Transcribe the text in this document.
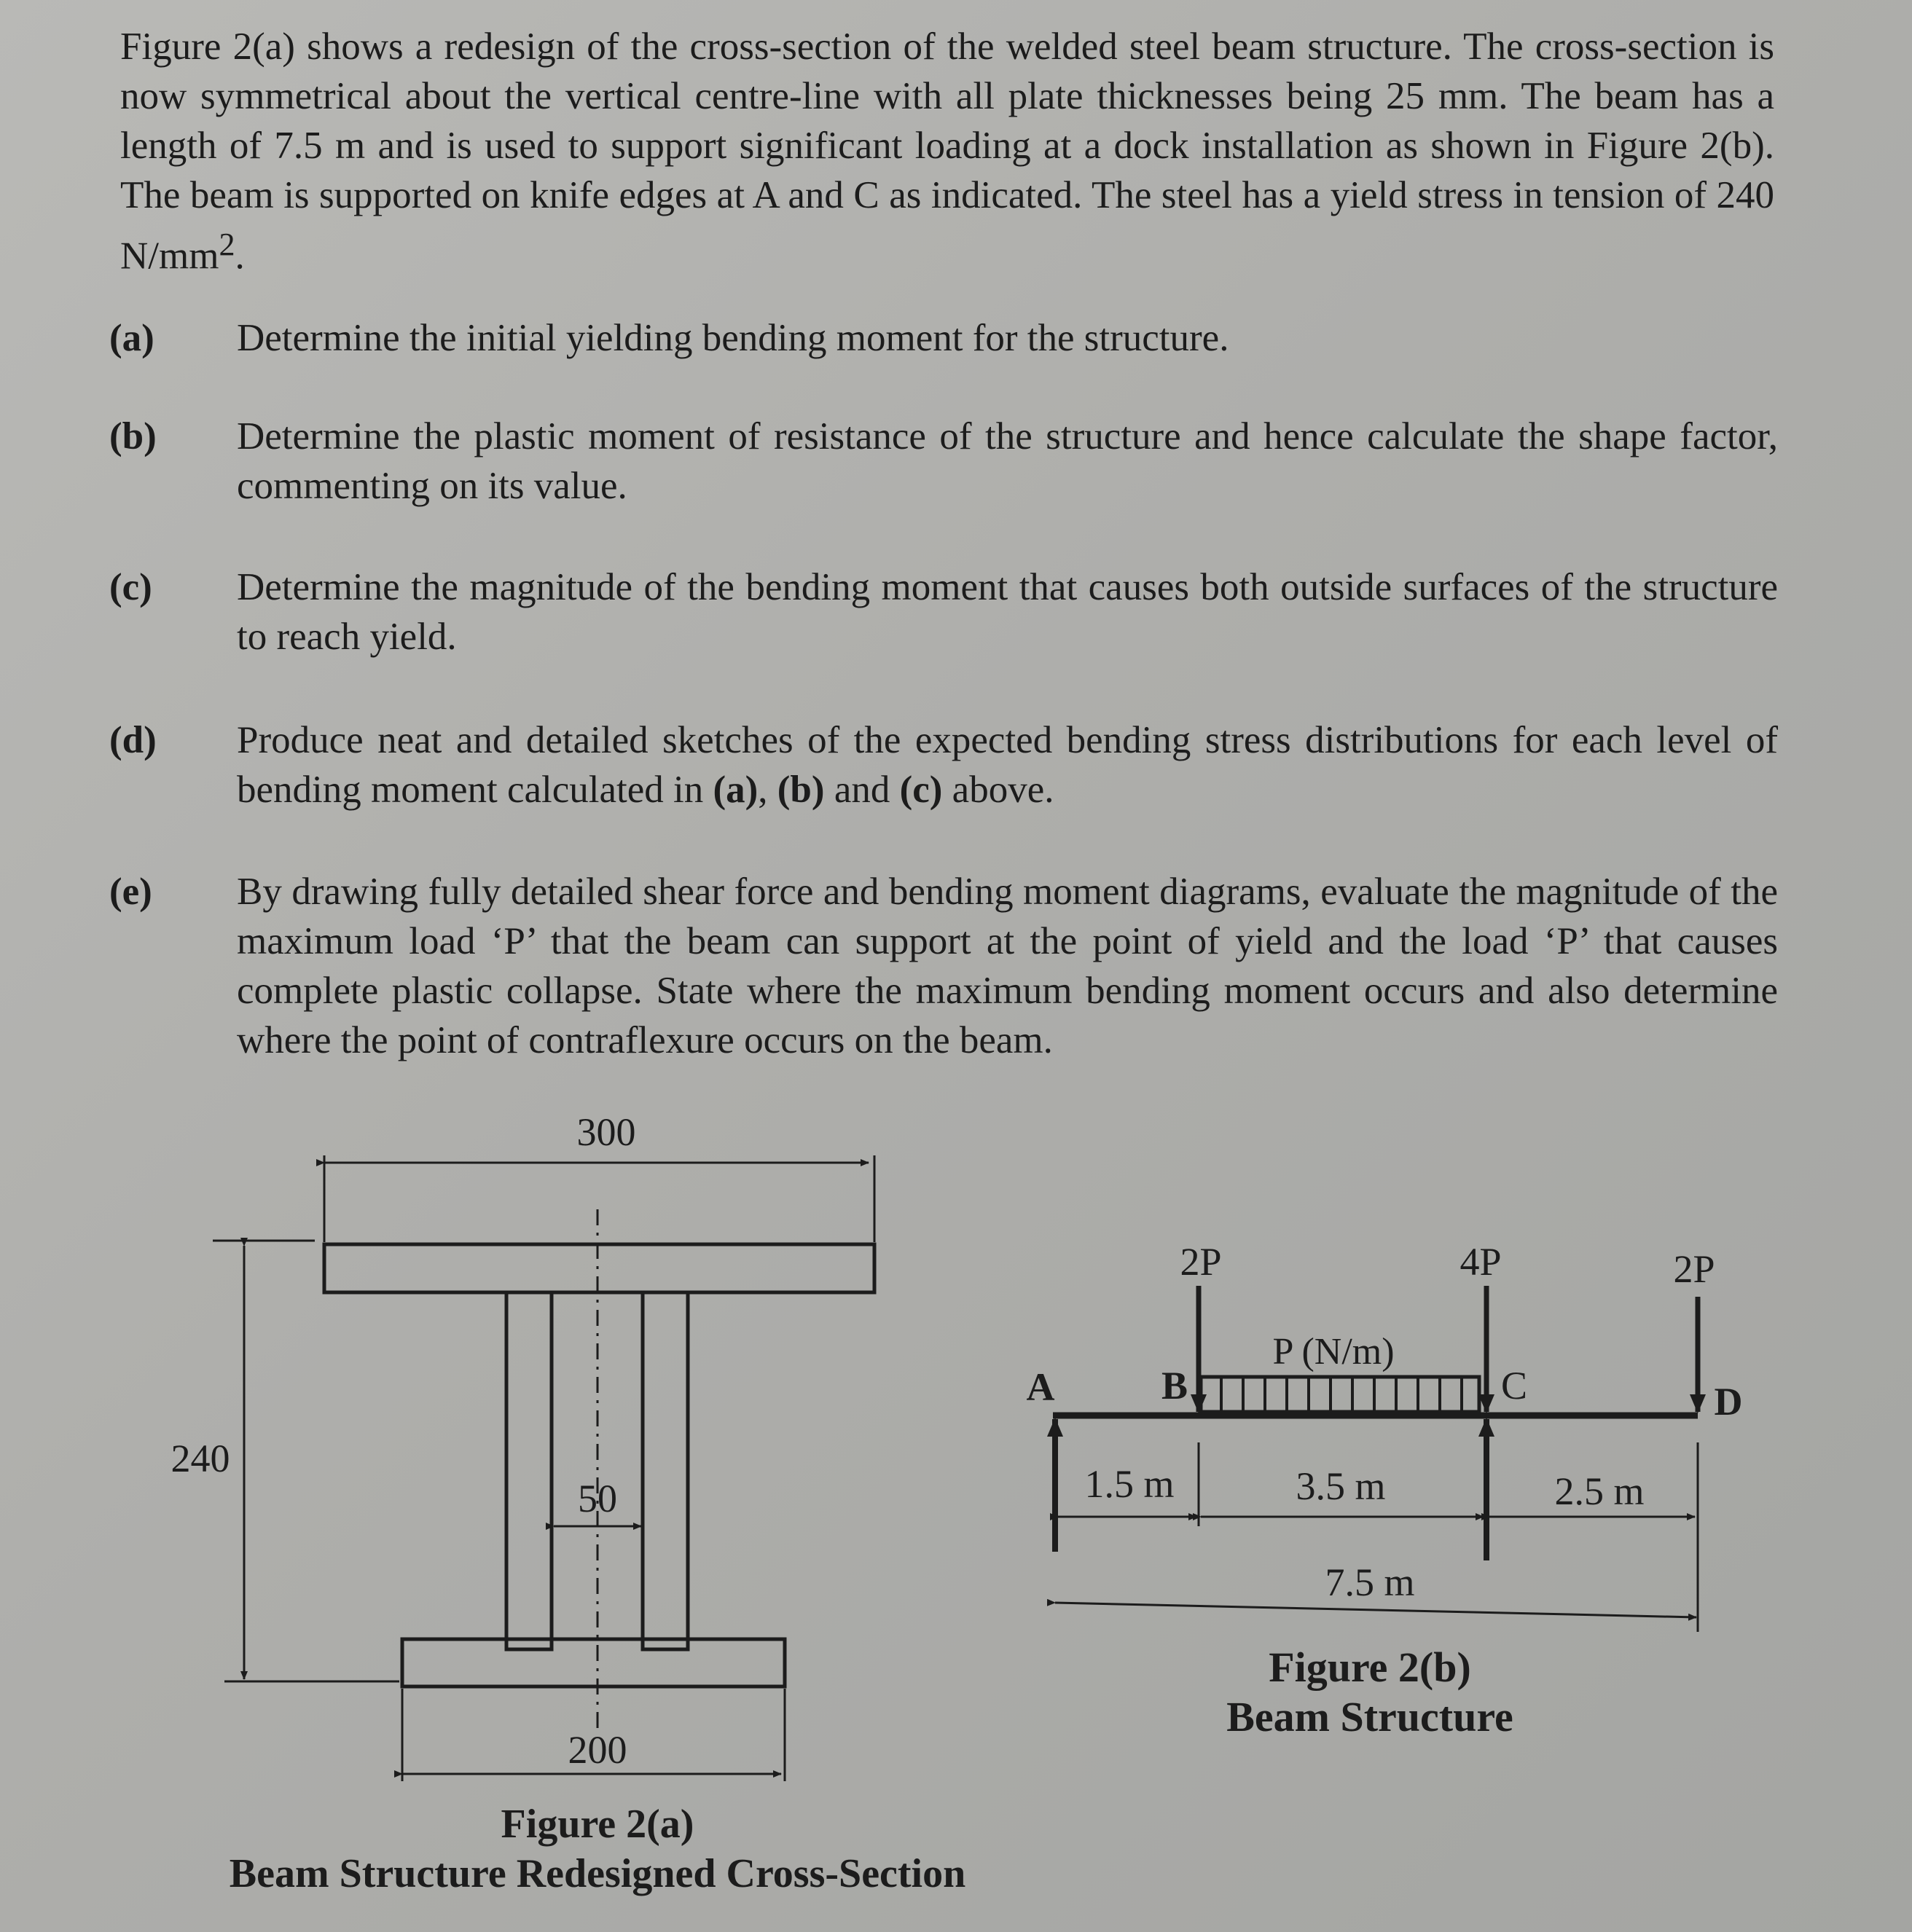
Figure 2(a) shows a redesign of the cross-section of the welded steel beam structure. The cross-section is now symmetrical about the vertical centre-line with all plate thicknesses being 25 mm. The beam has a length of 7.5 m and is used to support significant loading at a dock installation as shown in Figure 2(b). The beam is supported on knife edges at A and C as indicated. The steel has a yield stress in tension of 240 $N/mm^2$.

(a)	Determine the initial yielding bending moment for the structure.
(b)	Determine the plastic moment of resistance of the structure and hence calculate the shape factor, commenting on its value.
(c)	Determine the magnitude of the bending moment that causes both outside surfaces of the structure to reach yield.
(d)	Produce neat and detailed sketches of the expected bending stress distributions for each level of bending moment calculated in (a), (b) and (c) above.
(e)	By drawing fully detailed shear force and bending moment diagrams, evaluate the magnitude of the maximum load ‘P’ that the beam can support at the point of yield and the load ‘P’ that causes complete plastic collapse. State where the maximum bending moment occurs and also determine where the point of contraflexure occurs on the beam.
300
240
50
200
Figure 2(a)
Beam Structure Redesigned Cross-Section
2P	4P	2P
P (N/m)
A	B	C	D
1.5 m	3.5 m	2.5 m
7.5 m
Figure 2(b)
Beam Structure
